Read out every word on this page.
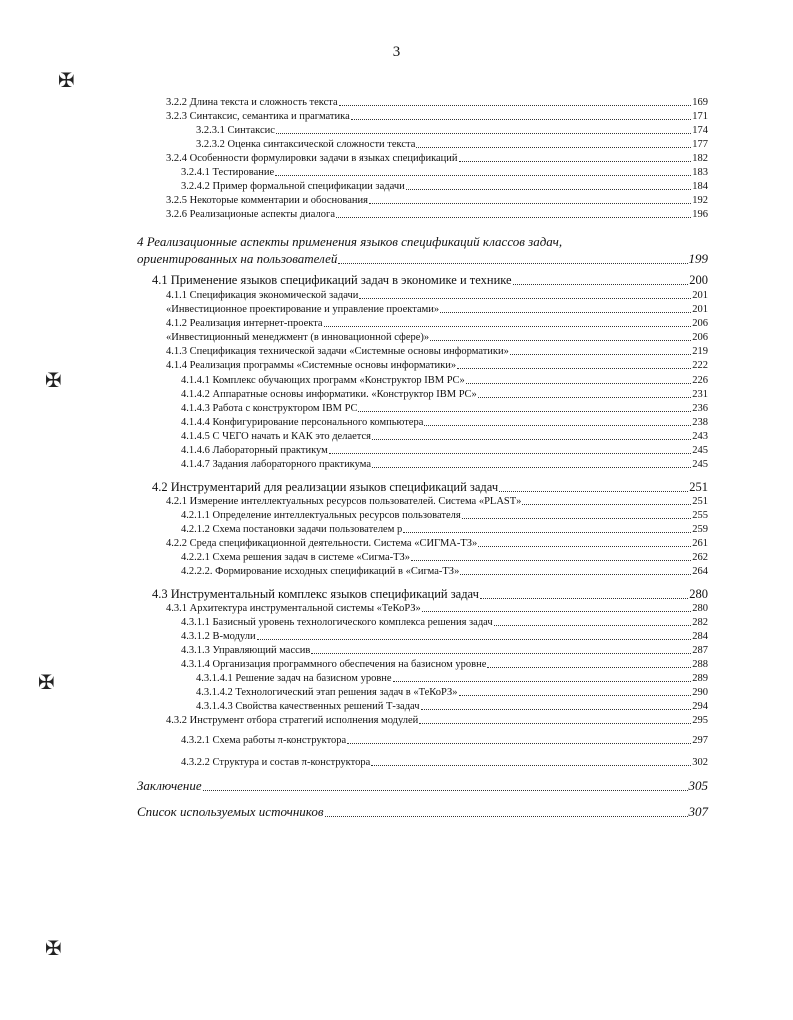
3
✠
✠
✠
✠
3.2.2 Длина текста и сложность текста	169
3.2.3 Синтаксис, семантика и прагматика	171
3.2.3.1 Синтаксис	174
3.2.3.2 Оценка синтаксической сложности текста	177
3.2.4 Особенности формулировки задачи в языках спецификаций	182
3.2.4.1 Тестирование	183
3.2.4.2 Пример формальной спецификации задачи	184
3.2.5 Некоторые комментарии и обоснования	192
3.2.6 Реализационые аспекты диалога	196
4 Реализационные аспекты применения языков спецификаций классов задач,
ориентированных на пользователей	199
4.1 Применение языков спецификаций задач в экономике и технике	200
4.1.1 Спецификация экономической задачи	201
«Инвестиционное проектирование и управление проектами»	201
4.1.2 Реализация интернет-проекта	206
«Инвестиционный менеджмент (в инновационной сфере)»	206
4.1.3 Спецификация технической задачи «Системные основы информатики»	219
4.1.4 Реализация программы «Системные основы информатики»	222
4.1.4.1 Комплекс обучающих программ «Конструктор IBM PC»	226
4.1.4.2 Аппаратные основы информатики. «Конструктор IBM PC»	231
4.1.4.3 Работа с конструктором IBM PC	236
4.1.4.4 Конфигурирование персонального компьютера	238
4.1.4.5 С ЧЕГО начать и КАК это делается	243
4.1.4.6 Лабораторный практикум	245
4.1.4.7 Задания лабораторного практикума	245
4.2 Инструментарий для реализации языков спецификаций задач	251
4.2.1 Измерение интеллектуальных ресурсов пользователей. Система «PLAST»	251
4.2.1.1 Определение интеллектуальных ресурсов пользователя	255
4.2.1.2 Схема постановки задачи пользователем p	259
4.2.2 Среда спецификационной деятельности. Система «СИГМА-ТЗ»	261
4.2.2.1 Схема решения задач в системе «Сигма-ТЗ»	262
4.2.2.2. Формирование исходных спецификаций в «Сигма-ТЗ»	264
4.3 Инструментальный комплекс языков спецификаций задач	280
4.3.1 Архитектура инструментальной системы «ТеКоРЗ»	280
4.3.1.1 Базисный уровень технологического комплекса решения задач	282
4.3.1.2 В-модули	284
4.3.1.3 Управляющий массив	287
4.3.1.4 Организация программного обеспечения на базисном уровне	288
4.3.1.4.1 Решение задач на базисном уровне	289
4.3.1.4.2 Технологический этап решения задач в «ТеКоРЗ»	290
4.3.1.4.3 Свойства качественных решений Т-задач	294
4.3.2 Инструмент отбора стратегий исполнения модулей	295
4.3.2.1 Схема работы π-конструктора	297
4.3.2.2 Структура и состав π-конструктора	302
Заключение	305
Список используемых источников	307
